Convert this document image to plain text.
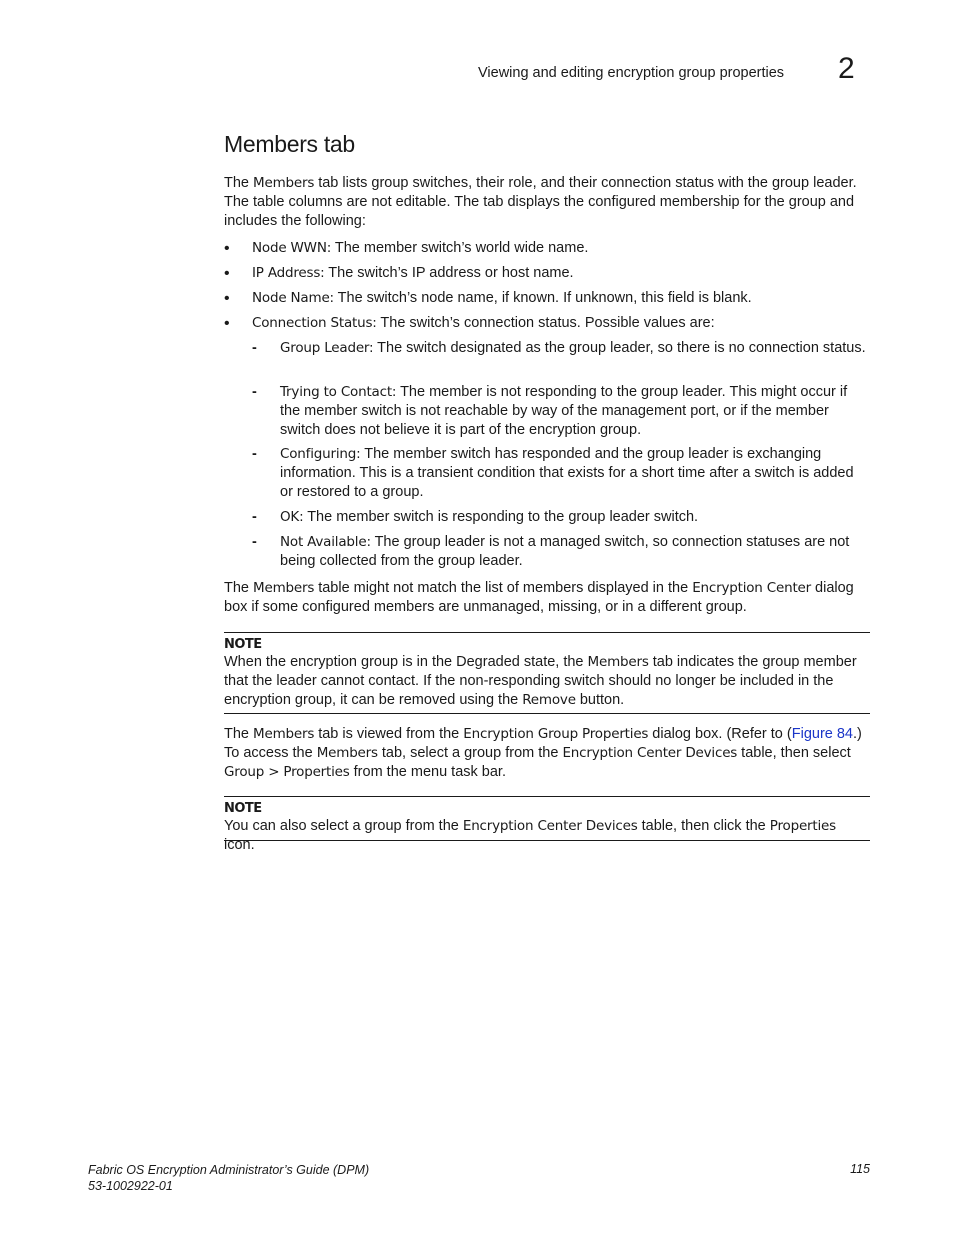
Viewing and editing encryption group properties 2
Members tab
The Members tab lists group switches, their role, and their connection status with the group leader. The table columns are not editable. The tab displays the configured membership for the group and includes the following:
• Node WWN: The member switch’s world wide name.
• IP Address: The switch’s IP address or host name.
• Node Name: The switch’s node name, if known. If unknown, this field is blank.
• Connection Status: The switch’s connection status. Possible values are:
- Group Leader: The switch designated as the group leader, so there is no connection status.
- Trying to Contact: The member is not responding to the group leader. This might occur if the member switch is not reachable by way of the management port, or if the member switch does not believe it is part of the encryption group.
- Configuring: The member switch has responded and the group leader is exchanging information. This is a transient condition that exists for a short time after a switch is added or restored to a group.
- OK: The member switch is responding to the group leader switch.
- Not Available: The group leader is not a managed switch, so connection statuses are not being collected from the group leader.
The Members table might not match the list of members displayed in the Encryption Center dialog box if some configured members are unmanaged, missing, or in a different group.
NOTE
When the encryption group is in the Degraded state, the Members tab indicates the group member that the leader cannot contact. If the non-responding switch should no longer be included in the encryption group, it can be removed using the Remove button.
The Members tab is viewed from the Encryption Group Properties dialog box. (Refer to (Figure 84.) To access the Members tab, select a group from the Encryption Center Devices table, then select Group > Properties from the menu task bar.
NOTE
You can also select a group from the Encryption Center Devices table, then click the Properties icon.
Fabric OS Encryption Administrator’s Guide (DPM)
53-1002922-01
115
